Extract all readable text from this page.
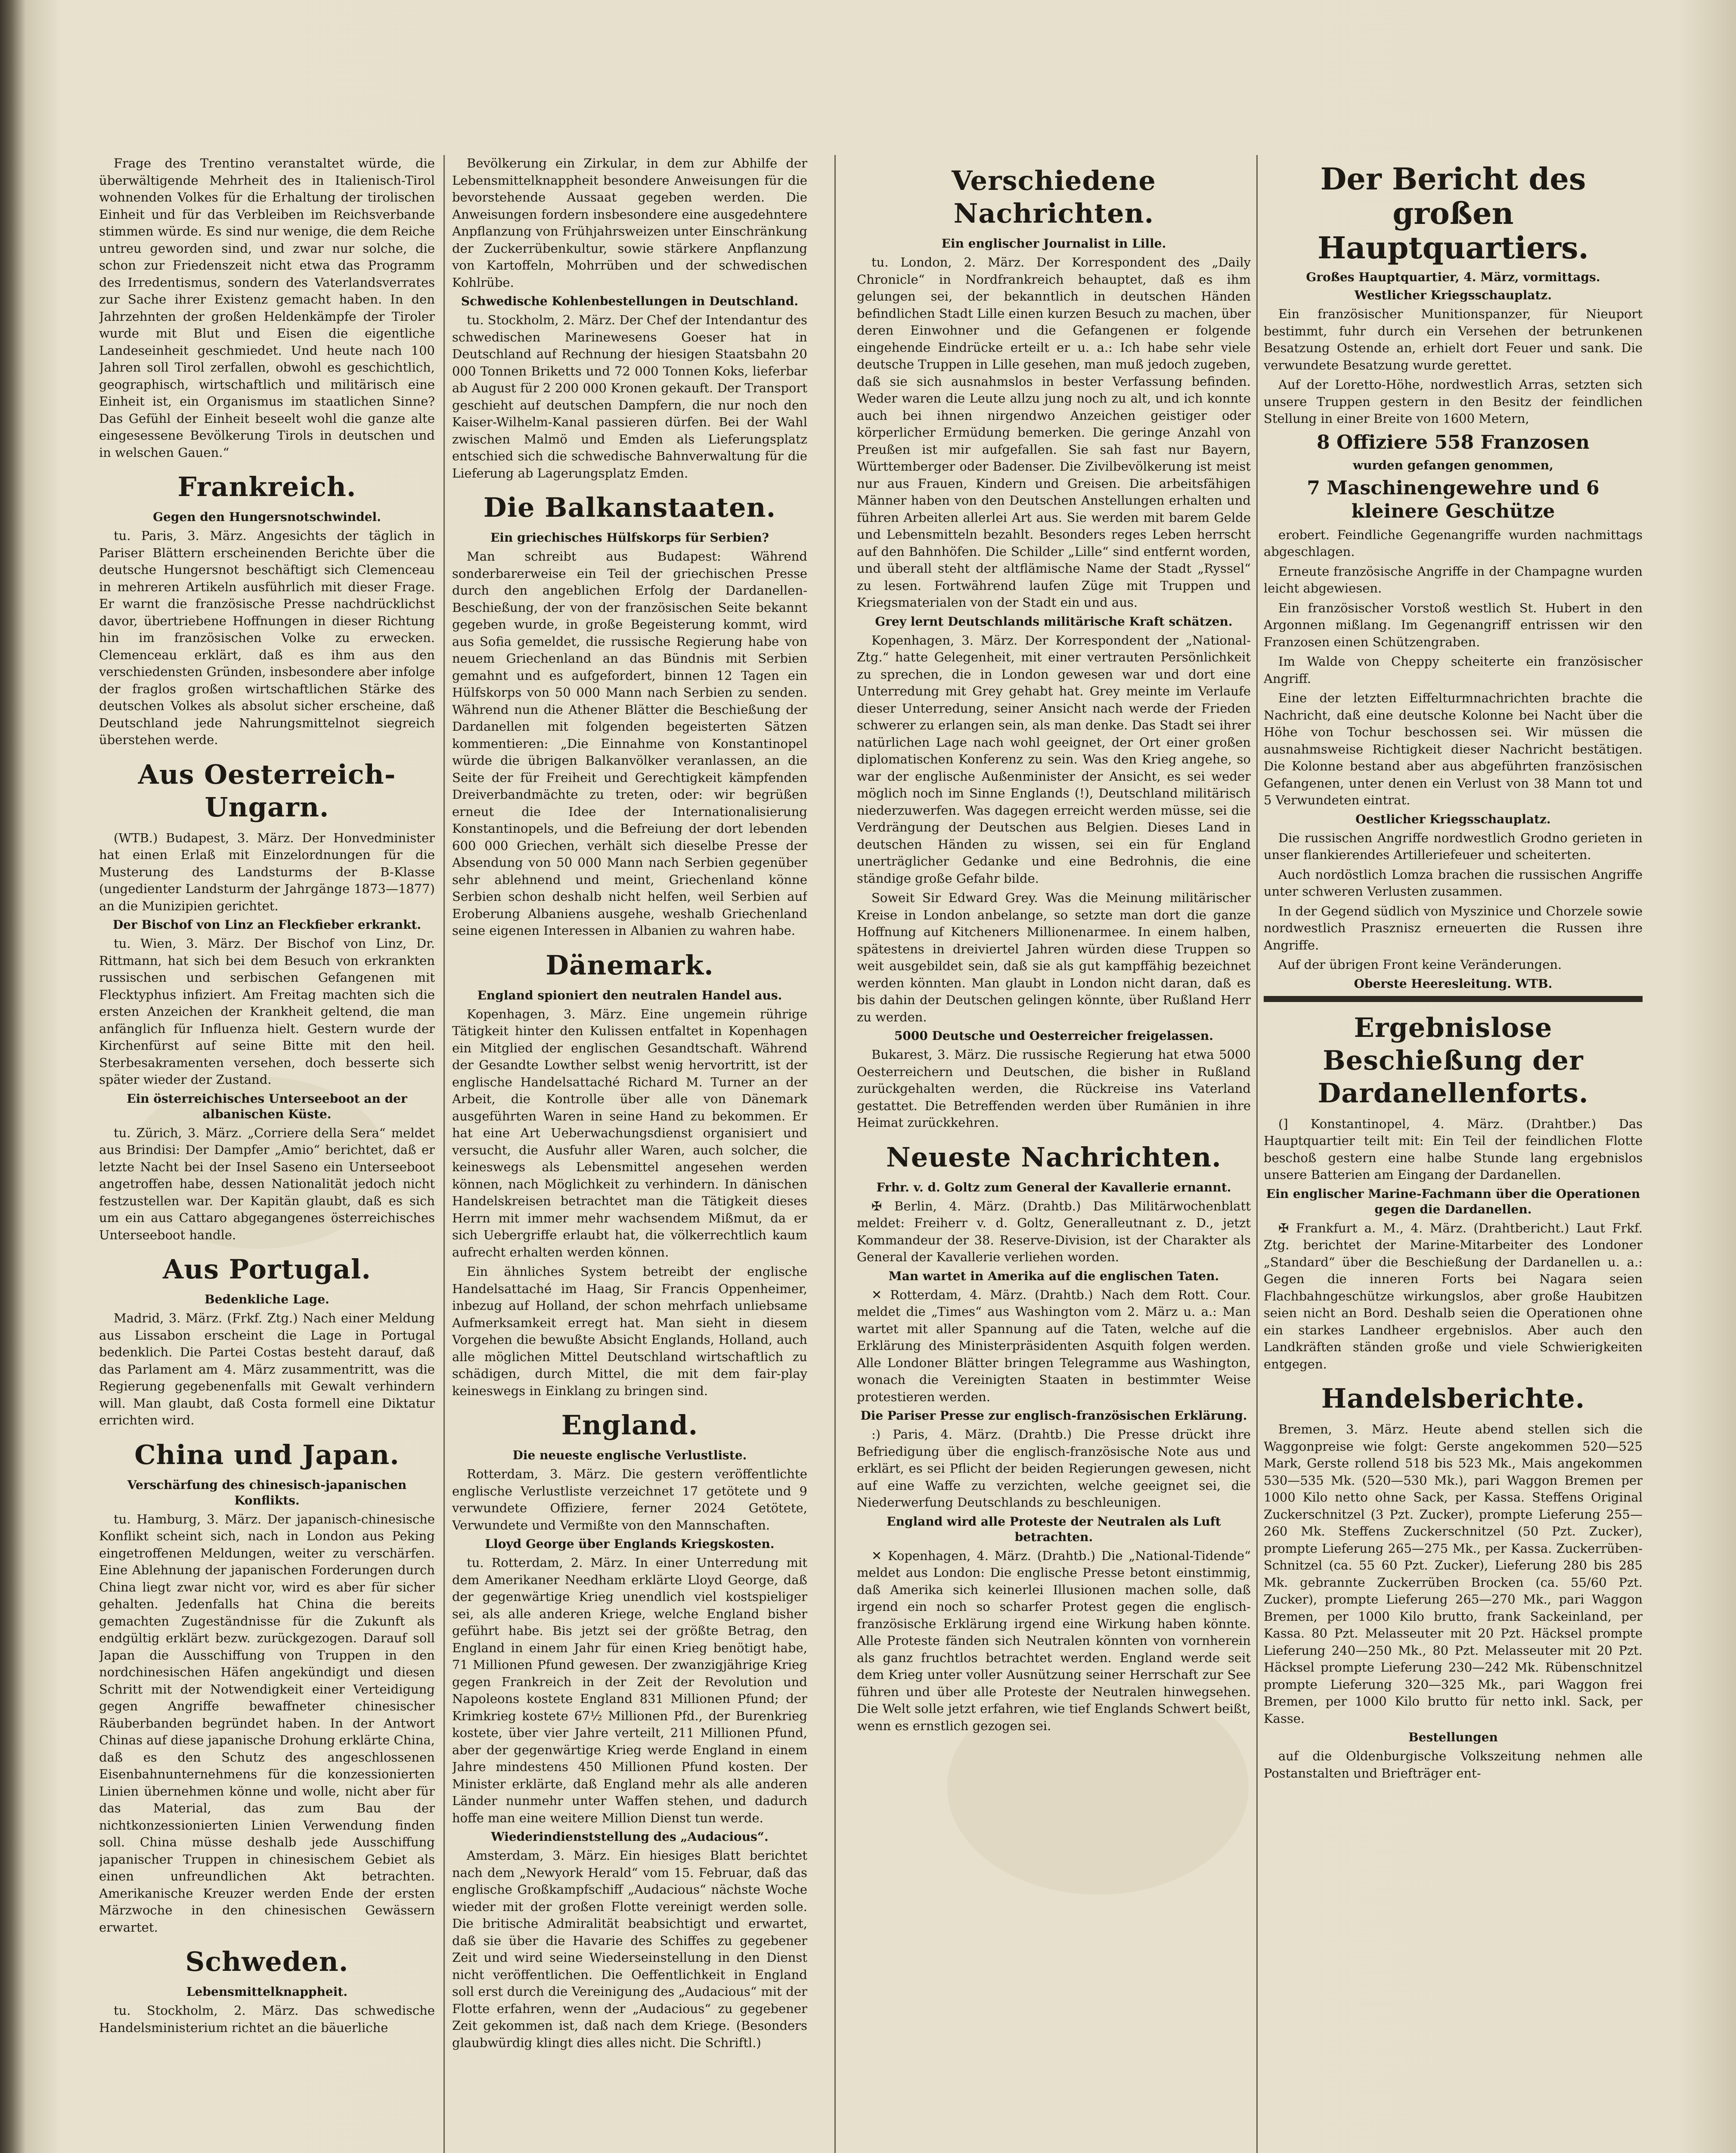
Frage des Trentino veranstaltet würde, die überwältigende Mehrheit des in Italienisch-Tirol wohnenden Volkes für die Erhaltung der tirolischen Einheit und für das Verbleiben im Reichsverbande stimmen würde. Es sind nur wenige, die dem Reiche untreu geworden sind, und zwar nur solche, die schon zur Friedenszeit nicht etwa das Programm des Irredentismus, sondern des Vaterlandsverrates zur Sache ihrer Existenz gemacht haben. In den Jahrzehnten der großen Heldenkämpfe der Tiroler wurde mit Blut und Eisen die eigentliche Landeseinheit geschmiedet. Und heute nach 100 Jahren soll Tirol zerfallen, obwohl es geschichtlich, geographisch, wirtschaftlich und militärisch eine Einheit ist, ein Organismus im staatlichen Sinne? Das Gefühl der Einheit beseelt wohl die ganze alte eingesessene Bevölkerung Tirols in deutschen und in welschen Gauen.“

Frankreich.
Gegen den Hungersnotschwindel.

tu. Paris, 3. März. Angesichts der täglich in Pariser Blättern erscheinenden Berichte über die deutsche Hungersnot beschäftigt sich Clemenceau in mehreren Artikeln ausführlich mit dieser Frage. Er warnt die französische Presse nachdrücklichst davor, übertriebene Hoffnungen in dieser Richtung hin im französischen Volke zu erwecken. Clemenceau erklärt, daß es ihm aus den verschiedensten Gründen, insbesondere aber infolge der fraglos großen wirtschaftlichen Stärke des deutschen Volkes als absolut sicher erscheine, daß Deutschland jede Nahrungsmittelnot siegreich überstehen werde.

Aus Oesterreich-Ungarn.

(WTB.) Budapest, 3. März. Der Honvedminister hat einen Erlaß mit Einzelordnungen für die Musterung des Landsturms der B-Klasse (ungedienter Landsturm der Jahrgänge 1873—1877) an die Munizipien gerichtet.

Der Bischof von Linz an Fleckfieber erkrankt.

tu. Wien, 3. März. Der Bischof von Linz, Dr. Rittmann, hat sich bei dem Besuch von erkrankten russischen und serbischen Gefangenen mit Flecktyphus infiziert. Am Freitag machten sich die ersten Anzeichen der Krankheit geltend, die man anfänglich für Influenza hielt. Gestern wurde der Kirchenfürst auf seine Bitte mit den heil. Sterbesakramenten versehen, doch besserte sich später wieder der Zustand.

Ein österreichisches Unterseeboot an der albanischen Küste.

tu. Zürich, 3. März. „Corriere della Sera“ meldet aus Brindisi: Der Dampfer „Amio“ berichtet, daß er letzte Nacht bei der Insel Saseno ein Unterseeboot angetroffen habe, dessen Nationalität jedoch nicht festzustellen war. Der Kapitän glaubt, daß es sich um ein aus Cattaro abgegangenes österreichisches Unterseeboot handle.

Aus Portugal.
Bedenkliche Lage.

Madrid, 3. März. (Frkf. Ztg.) Nach einer Meldung aus Lissabon erscheint die Lage in Portugal bedenklich. Die Partei Costas besteht darauf, daß das Parlament am 4. März zusammentritt, was die Regierung gegebenenfalls mit Gewalt verhindern will. Man glaubt, daß Costa formell eine Diktatur errichten wird.

China und Japan.
Verschärfung des chinesisch-japanischen Konflikts.

tu. Hamburg, 3. März. Der japanisch-chinesische Konflikt scheint sich, nach in London aus Peking eingetroffenen Meldungen, weiter zu verschärfen. Eine Ablehnung der japanischen Forderungen durch China liegt zwar nicht vor, wird es aber für sicher gehalten. Jedenfalls hat China die bereits gemachten Zugeständnisse für die Zukunft als endgültig erklärt bezw. zurückgezogen. Darauf soll Japan die Ausschiffung von Truppen in den nordchinesischen Häfen angekündigt und diesen Schritt mit der Notwendigkeit einer Verteidigung gegen Angriffe bewaffneter chinesischer Räuberbanden begründet haben. In der Antwort Chinas auf diese japanische Drohung erklärte China, daß es den Schutz des angeschlossenen Eisenbahnunternehmens für die konzessionierten Linien übernehmen könne und wolle, nicht aber für das Material, das zum Bau der nichtkonzessionierten Linien Verwendung finden soll. China müsse deshalb jede Ausschiffung japanischer Truppen in chinesischem Gebiet als einen unfreundlichen Akt betrachten. Amerikanische Kreuzer werden Ende der ersten Märzwoche in den chinesischen Gewässern erwartet.

Schweden.
Lebensmittelknappheit.

tu. Stockholm, 2. März. Das schwedische Handelsministerium richtet an die bäuerliche

Bevölkerung ein Zirkular, in dem zur Abhilfe der Lebensmittelknappheit besondere Anweisungen für die bevorstehende Aussaat gegeben werden. Die Anweisungen fordern insbesondere eine ausgedehntere Anpflanzung von Frühjahrsweizen unter Einschränkung der Zuckerrübenkultur, sowie stärkere Anpflanzung von Kartoffeln, Mohrrüben und der schwedischen Kohlrübe.

Schwedische Kohlenbestellungen in Deutschland.

tu. Stockholm, 2. März. Der Chef der Intendantur des schwedischen Marinewesens Goeser hat in Deutschland auf Rechnung der hiesigen Staatsbahn 20 000 Tonnen Briketts und 72 000 Tonnen Koks, lieferbar ab August für 2 200 000 Kronen gekauft. Der Transport geschieht auf deutschen Dampfern, die nur noch den Kaiser-Wilhelm-Kanal passieren dürfen. Bei der Wahl zwischen Malmö und Emden als Lieferungsplatz entschied sich die schwedische Bahnverwaltung für die Lieferung ab Lagerungsplatz Emden.

Die Balkanstaaten.
Ein griechisches Hülfskorps für Serbien?

Man schreibt aus Budapest: Während sonderbarerweise ein Teil der griechischen Presse durch den angeblichen Erfolg der Dardanellen-Beschießung, der von der französischen Seite bekannt gegeben wurde, in große Begeisterung kommt, wird aus Sofia gemeldet, die russische Regierung habe von neuem Griechenland an das Bündnis mit Serbien gemahnt und es aufgefordert, binnen 12 Tagen ein Hülfskorps von 50 000 Mann nach Serbien zu senden. Während nun die Athener Blätter die Beschießung der Dardanellen mit folgenden begeisterten Sätzen kommentieren: „Die Einnahme von Konstantinopel würde die übrigen Balkanvölker veranlassen, an die Seite der für Freiheit und Gerechtigkeit kämpfenden Dreiverbandmächte zu treten, oder: wir begrüßen erneut die Idee der Internationalisierung Konstantinopels, und die Befreiung der dort lebenden 600 000 Griechen, verhält sich dieselbe Presse der Absendung von 50 000 Mann nach Serbien gegenüber sehr ablehnend und meint, Griechenland könne Serbien schon deshalb nicht helfen, weil Serbien auf Eroberung Albaniens ausgehe, weshalb Griechenland seine eigenen Interessen in Albanien zu wahren habe.

Dänemark.
England spioniert den neutralen Handel aus.

Kopenhagen, 3. März. Eine ungemein rührige Tätigkeit hinter den Kulissen entfaltet in Kopenhagen ein Mitglied der englischen Gesandtschaft. Während der Gesandte Lowther selbst wenig hervortritt, ist der englische Handelsattaché Richard M. Turner an der Arbeit, die Kontrolle über alle von Dänemark ausgeführten Waren in seine Hand zu bekommen. Er hat eine Art Ueberwachungsdienst organisiert und versucht, die Ausfuhr aller Waren, auch solcher, die keineswegs als Lebensmittel angesehen werden können, nach Möglichkeit zu verhindern. In dänischen Handelskreisen betrachtet man die Tätigkeit dieses Herrn mit immer mehr wachsendem Mißmut, da er sich Uebergriffe erlaubt hat, die völkerrechtlich kaum aufrecht erhalten werden können.

Ein ähnliches System betreibt der englische Handelsattaché im Haag, Sir Francis Oppenheimer, inbezug auf Holland, der schon mehrfach unliebsame Aufmerksamkeit erregt hat. Man sieht in diesem Vorgehen die bewußte Absicht Englands, Holland, auch alle möglichen Mittel Deutschland wirtschaftlich zu schädigen, durch Mittel, die mit dem fair-play keineswegs in Einklang zu bringen sind.

England.
Die neueste englische Verlustliste.

Rotterdam, 3. März. Die gestern veröffentlichte englische Verlustliste verzeichnet 17 getötete und 9 verwundete Offiziere, ferner 2024 Getötete, Verwundete und Vermißte von den Mannschaften.

Lloyd George über Englands Kriegskosten.

tu. Rotterdam, 2. März. In einer Unterredung mit dem Amerikaner Needham erklärte Lloyd George, daß der gegenwärtige Krieg unendlich viel kostspieliger sei, als alle anderen Kriege, welche England bisher geführt habe. Bis jetzt sei der größte Betrag, den England in einem Jahr für einen Krieg benötigt habe, 71 Millionen Pfund gewesen. Der zwanzigjährige Krieg gegen Frankreich in der Zeit der Revolution und Napoleons kostete England 831 Millionen Pfund; der Krimkrieg kostete 67½ Millionen Pfd., der Burenkrieg kostete, über vier Jahre verteilt, 211 Millionen Pfund, aber der gegenwärtige Krieg werde England in einem Jahre mindestens 450 Millionen Pfund kosten. Der Minister erklärte, daß England mehr als alle anderen Länder nunmehr unter Waffen stehen, und dadurch hoffe man eine weitere Million Dienst tun werde.

Wiederindienststellung des „Audacious“.

Amsterdam, 3. März. Ein hiesiges Blatt berichtet nach dem „Newyork Herald“ vom 15. Februar, daß das englische Großkampfschiff „Audacious“ nächste Woche wieder mit der großen Flotte vereinigt werden solle. Die britische Admiralität beabsichtigt und erwartet, daß sie über die Havarie des Schiffes zu gegebener Zeit und wird seine Wiederseinstellung in den Dienst nicht veröffentlichen. Die Oeffentlichkeit in England soll erst durch die Vereinigung des „Audacious“ mit der Flotte erfahren, wenn der „Audacious“ zu gegebener Zeit gekommen ist, daß nach dem Kriege. (Besonders glaubwürdig klingt dies alles nicht. Die Schriftl.)

Verschiedene Nachrichten.
Ein englischer Journalist in Lille.

tu. London, 2. März. Der Korrespondent des „Daily Chronicle“ in Nordfrankreich behauptet, daß es ihm gelungen sei, der bekanntlich in deutschen Händen befindlichen Stadt Lille einen kurzen Besuch zu machen, über deren Einwohner und die Gefangenen er folgende eingehende Eindrücke erteilt er u. a.: Ich habe sehr viele deutsche Truppen in Lille gesehen, man muß jedoch zugeben, daß sie sich ausnahmslos in bester Verfassung befinden. Weder waren die Leute allzu jung noch zu alt, und ich konnte auch bei ihnen nirgendwo Anzeichen geistiger oder körperlicher Ermüdung bemerken. Die geringe Anzahl von Preußen ist mir aufgefallen. Sie sah fast nur Bayern, Württemberger oder Badenser. Die Zivilbevölkerung ist meist nur aus Frauen, Kindern und Greisen. Die arbeitsfähigen Männer haben von den Deutschen Anstellungen erhalten und führen Arbeiten allerlei Art aus. Sie werden mit barem Gelde und Lebensmitteln bezahlt. Besonders reges Leben herrscht auf den Bahnhöfen. Die Schilder „Lille“ sind entfernt worden, und überall steht der altflämische Name der Stadt „Ryssel“ zu lesen. Fortwährend laufen Züge mit Truppen und Kriegsmaterialen von der Stadt ein und aus.

Grey lernt Deutschlands militärische Kraft schätzen.

Kopenhagen, 3. März. Der Korrespondent der „National-Ztg.“ hatte Gelegenheit, mit einer vertrauten Persönlichkeit zu sprechen, die in London gewesen war und dort eine Unterredung mit Grey gehabt hat. Grey meinte im Verlaufe dieser Unterredung, seiner Ansicht nach werde der Frieden schwerer zu erlangen sein, als man denke. Das Stadt sei ihrer natürlichen Lage nach wohl geeignet, der Ort einer großen diplomatischen Konferenz zu sein. Was den Krieg angehe, so war der englische Außenminister der Ansicht, es sei weder möglich noch im Sinne Englands (!), Deutschland militärisch niederzuwerfen. Was dagegen erreicht werden müsse, sei die Verdrängung der Deutschen aus Belgien. Dieses Land in deutschen Händen zu wissen, sei ein für England unerträglicher Gedanke und eine Bedrohnis, die eine ständige große Gefahr bilde.

Soweit Sir Edward Grey. Was die Meinung militärischer Kreise in London anbelange, so setzte man dort die ganze Hoffnung auf Kitcheners Millionenarmee. In einem halben, spätestens in dreiviertel Jahren würden diese Truppen so weit ausgebildet sein, daß sie als gut kampffähig bezeichnet werden könnten. Man glaubt in London nicht daran, daß es bis dahin der Deutschen gelingen könnte, über Rußland Herr zu werden.

5000 Deutsche und Oesterreicher freigelassen.

Bukarest, 3. März. Die russische Regierung hat etwa 5000 Oesterreichern und Deutschen, die bisher in Rußland zurückgehalten werden, die Rückreise ins Vaterland gestattet. Die Betreffenden werden über Rumänien in ihre Heimat zurückkehren.

Neueste Nachrichten.
Frhr. v. d. Goltz zum General der Kavallerie ernannt.

✠ Berlin, 4. März. (Drahtb.) Das Militärwochenblatt meldet: Freiherr v. d. Goltz, Generalleutnant z. D., jetzt Kommandeur der 38. Reserve-Division, ist der Charakter als General der Kavallerie verliehen worden.

Man wartet in Amerika auf die englischen Taten.

✕ Rotterdam, 4. März. (Drahtb.) Nach dem Rott. Cour. meldet die „Times“ aus Washington vom 2. März u. a.: Man wartet mit aller Spannung auf die Taten, welche auf die Erklärung des Ministerpräsidenten Asquith folgen werden. Alle Londoner Blätter bringen Telegramme aus Washington, wonach die Vereinigten Staaten in bestimmter Weise protestieren werden.

Die Pariser Presse zur englisch-französischen Erklärung.

:) Paris, 4. März. (Drahtb.) Die Presse drückt ihre Befriedigung über die englisch-französische Note aus und erklärt, es sei Pflicht der beiden Regierungen gewesen, nicht auf eine Waffe zu verzichten, welche geeignet sei, die Niederwerfung Deutschlands zu beschleunigen.

England wird alle Proteste der Neutralen als Luft betrachten.

✕ Kopenhagen, 4. März. (Drahtb.) Die „National-Tidende“ meldet aus London: Die englische Presse betont einstimmig, daß Amerika sich keinerlei Illusionen machen solle, daß irgend ein noch so scharfer Protest gegen die englisch-französische Erklärung irgend eine Wirkung haben könnte. Alle Proteste fänden sich Neutralen könnten von vornherein als ganz fruchtlos betrachtet werden. England werde seit dem Krieg unter voller Ausnützung seiner Herrschaft zur See führen und über alle Proteste der Neutralen hinwegsehen. Die Welt solle jetzt erfahren, wie tief Englands Schwert beißt, wenn es ernstlich gezogen sei.

Der Bericht des großen Hauptquartiers.
Großes Hauptquartier, 4. März, vormittags.
Westlicher Kriegsschauplatz.

Ein französischer Munitionspanzer, für Nieuport bestimmt, fuhr durch ein Versehen der betrunkenen Besatzung Ostende an, erhielt dort Feuer und sank. Die verwundete Besatzung wurde gerettet.

Auf der Loretto-Höhe, nordwestlich Arras, setzten sich unsere Truppen gestern in den Besitz der feindlichen Stellung in einer Breite von 1600 Metern,

8 Offiziere 558 Franzosen
wurden gefangen genommen,
7 Maschinengewehre und 6 kleinere Geschütze

erobert. Feindliche Gegenangriffe wurden nachmittags abgeschlagen.

Erneute französische Angriffe in der Champagne wurden leicht abgewiesen.

Ein französischer Vorstoß westlich St. Hubert in den Argonnen mißlang. Im Gegenangriff entrissen wir den Franzosen einen Schützengraben.

Im Walde von Cheppy scheiterte ein französischer Angriff.

Eine der letzten Eiffelturmnachrichten brachte die Nachricht, daß eine deutsche Kolonne bei Nacht über die Höhe von Tochur beschossen sei. Wir müssen die ausnahmsweise Richtigkeit dieser Nachricht bestätigen. Die Kolonne bestand aber aus abgeführten französischen Gefangenen, unter denen ein Verlust von 38 Mann tot und 5 Verwundeten eintrat.

Oestlicher Kriegsschauplatz.

Die russischen Angriffe nordwestlich Grodno gerieten in unser flankierendes Artilleriefeuer und scheiterten.

Auch nordöstlich Lomza brachen die russischen Angriffe unter schweren Verlusten zusammen.

In der Gegend südlich von Myszinice und Chorzele sowie nordwestlich Prasznisz erneuerten die Russen ihre Angriffe.

Auf der übrigen Front keine Veränderungen.

Oberste Heeresleitung. WTB.
Ergebnislose Beschießung der Dardanellenforts.

(] Konstantinopel, 4. März. (Drahtber.) Das Hauptquartier teilt mit: Ein Teil der feindlichen Flotte beschoß gestern eine halbe Stunde lang ergebnislos unsere Batterien am Eingang der Dardanellen.

Ein englischer Marine-Fachmann über die Operationen gegen die Dardanellen.

✠ Frankfurt a. M., 4. März. (Drahtbericht.) Laut Frkf. Ztg. berichtet der Marine-Mitarbeiter des Londoner „Standard“ über die Beschießung der Dardanellen u. a.: Gegen die inneren Forts bei Nagara seien Flachbahngeschütze wirkungslos, aber große Haubitzen seien nicht an Bord. Deshalb seien die Operationen ohne ein starkes Landheer ergebnislos. Aber auch den Landkräften ständen große und viele Schwierigkeiten entgegen.

Handelsberichte.

Bremen, 3. März. Heute abend stellen sich die Waggonpreise wie folgt: Gerste angekommen 520—525 Mark, Gerste rollend 518 bis 523 Mk., Mais angekommen 530—535 Mk. (520—530 Mk.), pari Waggon Bremen per 1000 Kilo netto ohne Sack, per Kassa. Steffens Original Zuckerschnitzel (3 Pzt. Zucker), prompte Lieferung 255—260 Mk. Steffens Zuckerschnitzel (50 Pzt. Zucker), prompte Lieferung 265—275 Mk., per Kassa. Zuckerrüben-Schnitzel (ca. 55 60 Pzt. Zucker), Lieferung 280 bis 285 Mk. gebrannte Zuckerrüben Brocken (ca. 55/60 Pzt. Zucker), prompte Lieferung 265—270 Mk., pari Waggon Bremen, per 1000 Kilo brutto, frank Sackeinland, per Kassa. 80 Pzt. Melasseuter mit 20 Pzt. Häcksel prompte Lieferung 240—250 Mk., 80 Pzt. Melasseuter mit 20 Pzt. Häcksel prompte Lieferung 230—242 Mk. Rübenschnitzel prompte Lieferung 320—325 Mk., pari Waggon frei Bremen, per 1000 Kilo brutto für netto inkl. Sack, per Kasse.

Bestellungen

auf die Oldenburgische Volkszeitung nehmen alle Postanstalten und Briefträger ent-
